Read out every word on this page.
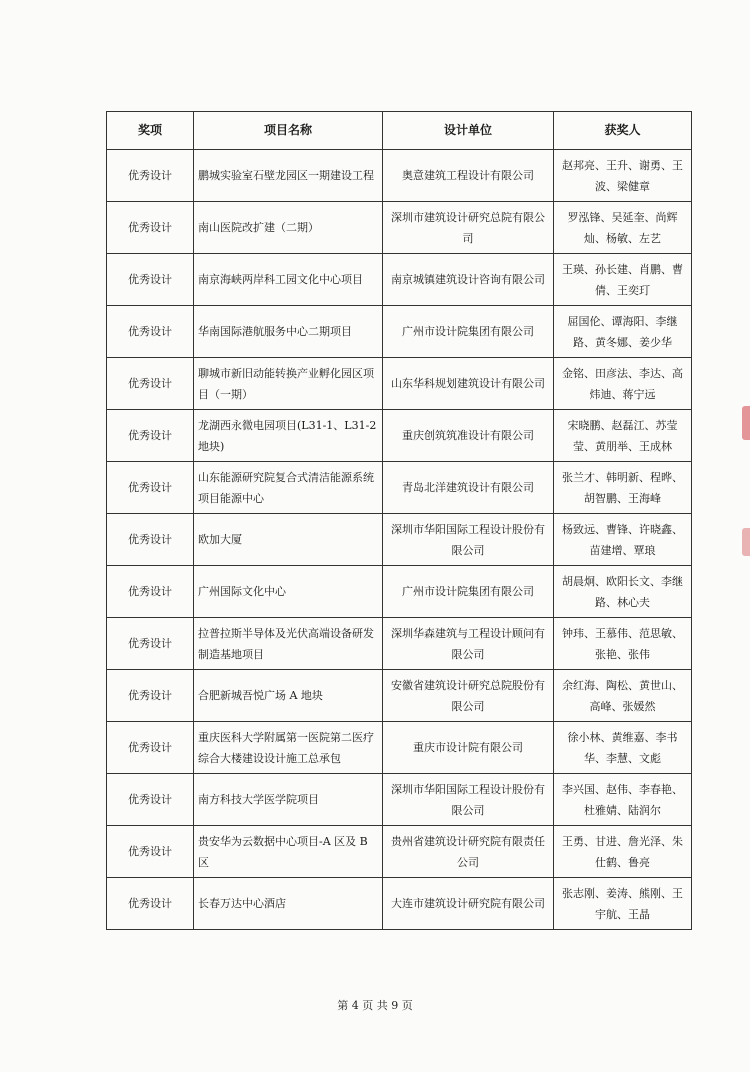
奖项	项目名称	设计单位	获奖人
优秀设计	鹏城实验室石壁龙园区一期建设工程	奥意建筑工程设计有限公司	赵邦亮、王升、谢勇、王波、梁健章
优秀设计	南山医院改扩建（二期）	深圳市建筑设计研究总院有限公司	罗泓锋、吴延奎、尚辉灿、杨敏、左艺
优秀设计	南京海峡两岸科工园文化中心项目	南京城镇建筑设计咨询有限公司	王瑛、孙长建、肖鹏、曹倩、王奕玎
优秀设计	华南国际港航服务中心二期项目	广州市设计院集团有限公司	屈国伦、谭海阳、李继路、黄冬娜、姜少华
优秀设计	聊城市新旧动能转换产业孵化园区项目（一期）	山东华科规划建筑设计有限公司	金铭、田彦法、李达、高炜迪、蒋宁远
优秀设计	龙湖西永微电园项目(L31-1、L31-2 地块)	重庆创筑筑准设计有限公司	宋晓鹏、赵磊江、苏莹莹、黄朋举、王成林
优秀设计	山东能源研究院复合式清洁能源系统项目能源中心	青岛北洋建筑设计有限公司	张兰才、韩明新、程晔、胡智鹏、王海峰
优秀设计	欧加大厦	深圳市华阳国际工程设计股份有限公司	杨致远、曹锋、许晓鑫、苗建增、覃琅
优秀设计	广州国际文化中心	广州市设计院集团有限公司	胡晨炯、欧阳长文、李继路、林心夫
优秀设计	拉普拉斯半导体及光伏高端设备研发制造基地项目	深圳华森建筑与工程设计顾问有限公司	钟玮、王慕伟、范思敏、张艳、张伟
优秀设计	合肥新城吾悦广场 A 地块	安徽省建筑设计研究总院股份有限公司	余红海、陶松、黄世山、高峰、张媛然
优秀设计	重庆医科大学附属第一医院第二医疗综合大楼建设设计施工总承包	重庆市设计院有限公司	徐小林、黄维嘉、李书华、李慧、文彪
优秀设计	南方科技大学医学院项目	深圳市华阳国际工程设计股份有限公司	李兴国、赵伟、李春艳、杜雅婧、陆润尔
优秀设计	贵安华为云数据中心项目-A 区及 B 区	贵州省建筑设计研究院有限责任公司	王勇、甘进、詹光泽、朱仕鹤、鲁亮
优秀设计	长春万达中心酒店	大连市建筑设计研究院有限公司	张志刚、姜涛、熊刚、王宇航、王晶
第 4 页 共 9 页
